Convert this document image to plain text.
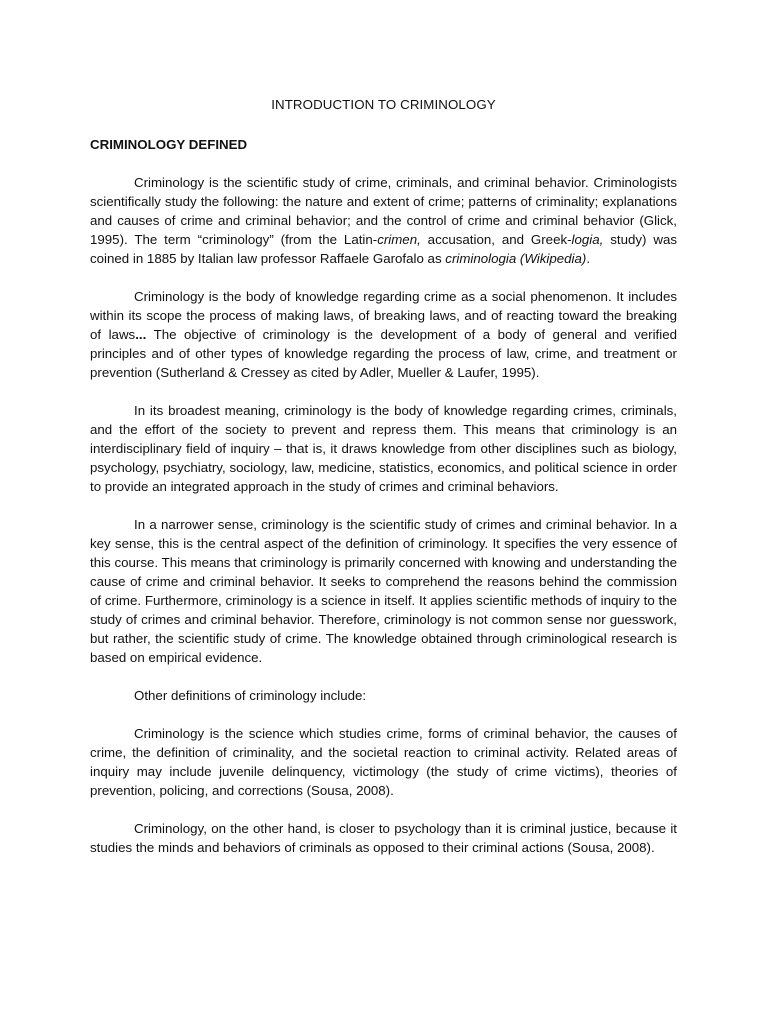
INTRODUCTION TO CRIMINOLOGY
CRIMINOLOGY DEFINED

Criminology is the scientific study of crime, criminals, and criminal behavior. Criminologists scientifically study the following: the nature and extent of crime; patterns of criminality; explanations and causes of crime and criminal behavior; and the control of crime and criminal behavior (Glick, 1995). The term “criminology” (from the Latin-crimen, accusation, and Greek-logia, study) was coined in 1885 by Italian law professor Raffaele Garofalo as criminologia (Wikipedia).

Criminology is the body of knowledge regarding crime as a social phenomenon. It includes within its scope the process of making laws, of breaking laws, and of reacting toward the breaking of laws... The objective of criminology is the development of a body of general and verified principles and of other types of knowledge regarding the process of law, crime, and treatment or prevention (Sutherland & Cressey as cited by Adler, Mueller & Laufer, 1995).

In its broadest meaning, criminology is the body of knowledge regarding crimes, criminals, and the effort of the society to prevent and repress them. This means that criminology is an interdisciplinary field of inquiry – that is, it draws knowledge from other disciplines such as biology, psychology, psychiatry, sociology, law, medicine, statistics, economics, and political science in order to provide an integrated approach in the study of crimes and criminal behaviors.

In a narrower sense, criminology is the scientific study of crimes and criminal behavior. In a key sense, this is the central aspect of the definition of criminology. It specifies the very essence of this course. This means that criminology is primarily concerned with knowing and understanding the cause of crime and criminal behavior. It seeks to comprehend the reasons behind the commission of crime. Furthermore, criminology is a science in itself. It applies scientific methods of inquiry to the study of crimes and criminal behavior. Therefore, criminology is not common sense nor guesswork, but rather, the scientific study of crime. The knowledge obtained through criminological research is based on empirical evidence.

Other definitions of criminology include:

Criminology is the science which studies crime, forms of criminal behavior, the causes of crime, the definition of criminality, and the societal reaction to criminal activity. Related areas of inquiry may include juvenile delinquency, victimology (the study of crime victims), theories of prevention, policing, and corrections (Sousa, 2008).

Criminology, on the other hand, is closer to psychology than it is criminal justice, because it studies the minds and behaviors of criminals as opposed to their criminal actions (Sousa, 2008).
